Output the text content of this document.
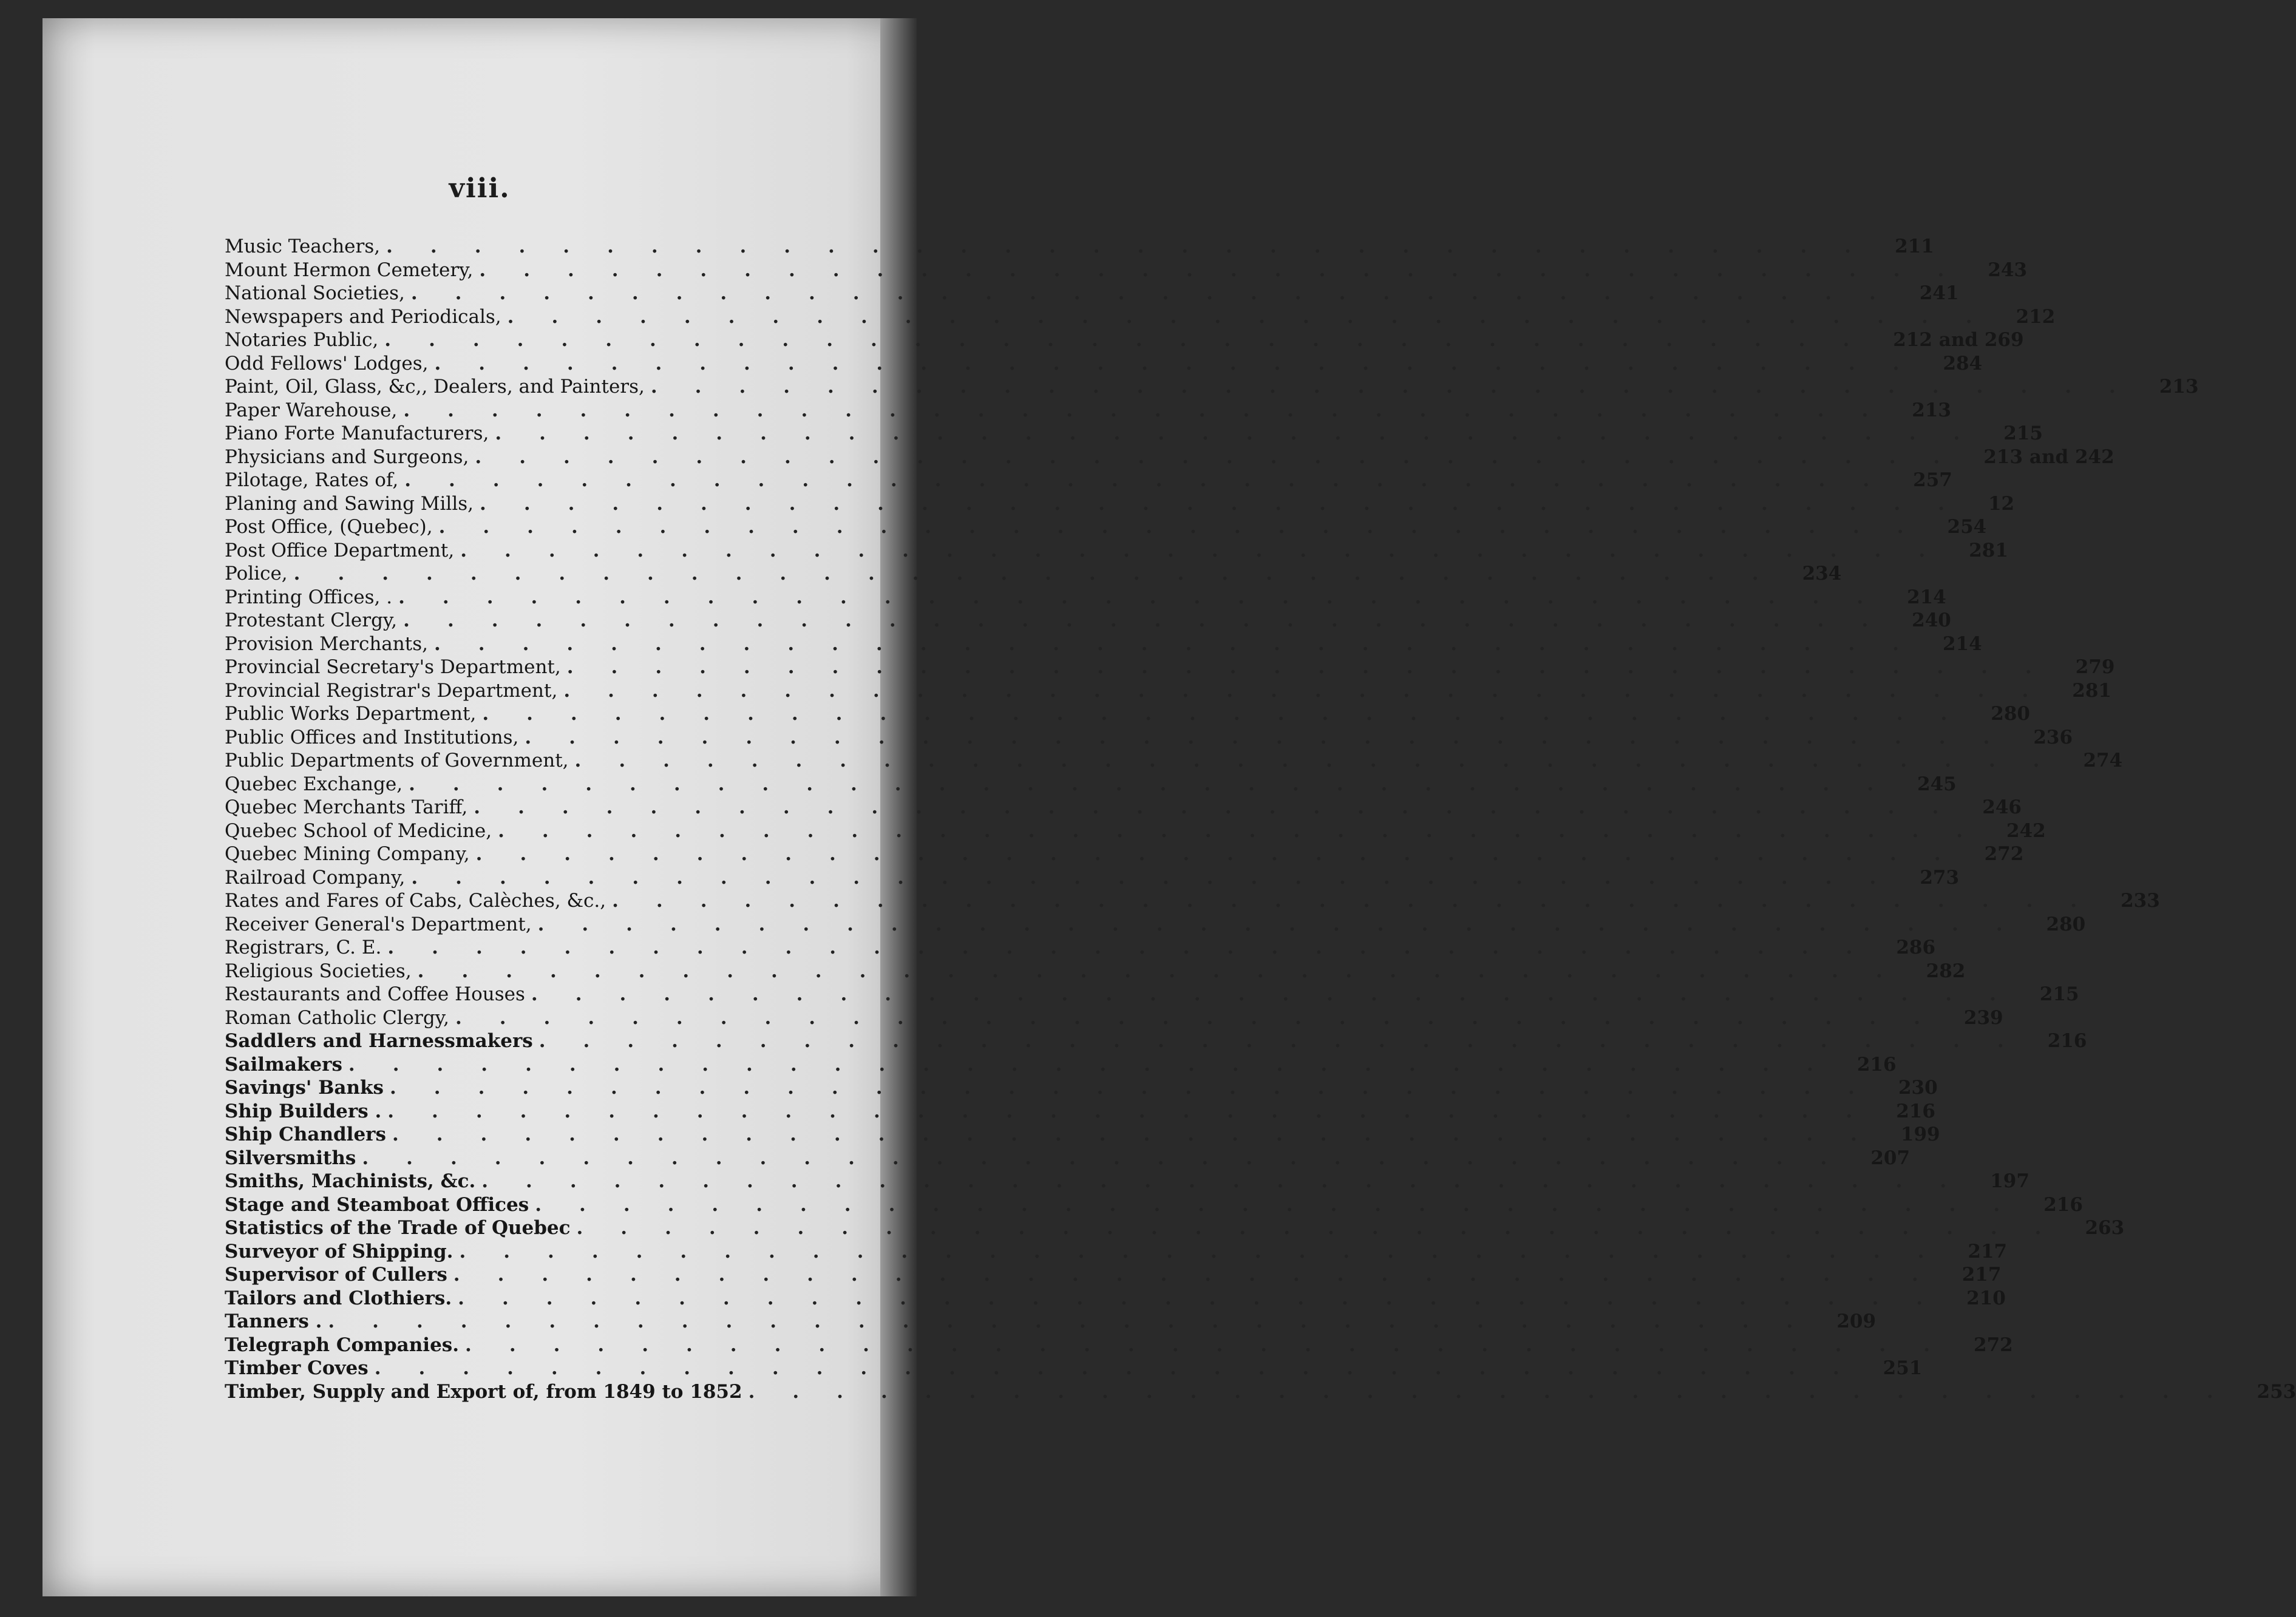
viii.
Music Teachers, .................................. 211
Mount Hermon Cemetery, .................................. 243
National Societies, .................................. 241
Newspapers and Periodicals, .................................. 212
Notaries Public, .................................. 212 and 269
Odd Fellows' Lodges, .................................. 284
Paint, Oil, Glass, &c,, Dealers, and Painters, .................................. 213
Paper Warehouse, .................................. 213
Piano Forte Manufacturers, .................................. 215
Physicians and Surgeons, .................................. 213 and 242
Pilotage, Rates of, .................................. 257
Planing and Sawing Mills, .................................. 12
Post Office, (Quebec), .................................. 254
Post Office Department, .................................. 281
Police, .................................. 234
Printing Offices, . .................................. 214
Protestant Clergy, .................................. 240
Provision Merchants, .................................. 214
Provincial Secretary's Department, .................................. 279
Provincial Registrar's Department, .................................. 281
Public Works Department, .................................. 280
Public Offices and Institutions, .................................. 236
Public Departments of Government, .................................. 274
Quebec Exchange, .................................. 245
Quebec Merchants Tariff, .................................. 246
Quebec School of Medicine, .................................. 242
Quebec Mining Company, .................................. 272
Railroad Company, .................................. 273
Rates and Fares of Cabs, Calèches, &c., .................................. 233
Receiver General's Department, .................................. 280
Registrars, C. E. .................................. 286
Religious Societies, .................................. 282
Restaurants and Coffee Houses .................................. 215
Roman Catholic Clergy, .................................. 239
Saddlers and Harnessmakers .................................. 216
Sailmakers .................................. 216
Savings' Banks .................................. 230
Ship Builders . .................................. 216
Ship Chandlers .................................. 199
Silversmiths .................................. 207
Smiths, Machinists, &c. .................................. 197
Stage and Steamboat Offices .................................. 216
Statistics of the Trade of Quebec .................................. 263
Surveyor of Shipping. .................................. 217
Supervisor of Cullers .................................. 217
Tailors and Clothiers. .................................. 210
Tanners . .................................. 209
Telegraph Companies. .................................. 272
Timber Coves .................................. 251
Timber, Supply and Export of, from 1849 to 1852 .................................. 253
